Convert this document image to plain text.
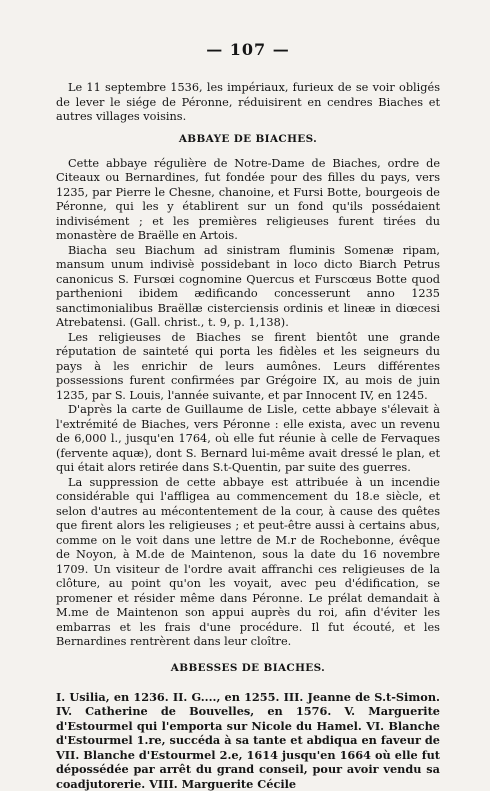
— 107 —

Le 11 septembre 1536, les impériaux, furieux de se voir obligés de lever le siége de Péronne, réduisirent en cendres Biaches et autres villages voisins.

ABBAYE DE BIACHES.

Cette abbaye régulière de Notre-Dame de Biaches, ordre de Citeaux ou Bernardines, fut fondée pour des filles du pays, vers 1235, par Pierre le Chesne, chanoine, et Fursi Botte, bourgeois de Péronne, qui les y établirent sur un fond qu'ils possédaient indivisément ; et les premières religieuses furent tirées du monastère de Braëlle en Artois.

Biacha seu Biachum ad sinistram fluminis Somenæ ripam, mansum unum indivisè possidebant in loco dicto Biarch Petrus canonicus S. Fursœi cognomine Quercus et Furscœus Botte quod parthenioni ibidem ædificando concesserunt anno 1235 sanctimonialibus Braëllæ cisterciensis ordinis et lineæ in diœcesi Atrebatensi. (Gall. christ., t. 9, p. 1,138).

Les religieuses de Biaches se firent bientôt une grande réputation de sainteté qui porta les fidèles et les seigneurs du pays à les enrichir de leurs aumônes. Leurs différentes possessions furent confirmées par Grégoire IX, au mois de juin 1235, par S. Louis, l'année suivante, et par Innocent IV, en 1245.

D'après la carte de Guillaume de Lisle, cette abbaye s'élevait à l'extrémité de Biaches, vers Péronne : elle exista, avec un revenu de 6,000 l., jusqu'en 1764, où elle fut réunie à celle de Fervaques (fervente aquæ), dont S. Bernard lui-même avait dressé le plan, et qui était alors retirée dans S.t-Quentin, par suite des guerres.

La suppression de cette abbaye est attribuée à un incendie considérable qui l'affligea au commencement du 18.e siècle, et selon d'autres au mécontentement de la cour, à cause des quêtes que firent alors les religieuses ; et peut-être aussi à certains abus, comme on le voit dans une lettre de M.r de Rochebonne, évêque de Noyon, à M.de de Maintenon, sous la date du 16 novembre 1709. Un visiteur de l'ordre avait affranchi ces religieuses de la clôture, au point qu'on les voyait, avec peu d'édification, se promener et résider même dans Péronne. Le prélat demandait à M.me de Maintenon son appui auprès du roi, afin d'éviter les embarras et les frais d'une procédure. Il fut écouté, et les Bernardines rentrèrent dans leur cloître.

ABBESSES DE BIACHES.

I. Usilia, en 1236. II. G...., en 1255. III. Jeanne de S.t-Simon. IV. Catherine de Bouvelles, en 1576. V. Marguerite d'Estourmel qui l'emporta sur Nicole du Hamel. VI. Blanche d'Estourmel 1.re, succéda à sa tante et abdiqua en faveur de VII. Blanche d'Estourmel 2.e, 1614 jusqu'en 1664 où elle fut dépossédée par arrêt du grand conseil, pour avoir vendu sa coadjutorerie. VIII. Marguerite Cécile
